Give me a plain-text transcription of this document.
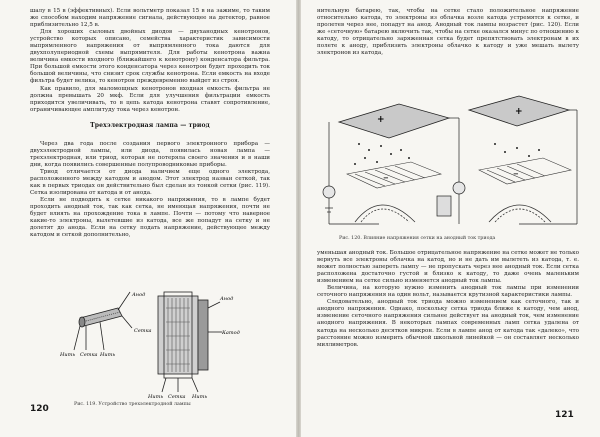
шалу в 15 в (эффективных). Если вольтметр показал 15 в на зажиме, то таким же способом находим напряжение сигнала, действующее на детектор, равное приблизительно 12,5 в.

Для хороших сыловых двойных диодов — двуханодных кенотронов, устройство которых описано, семейства характеристик зависимости выпрямленного напряжения от выпрямленного тока даются для двухполупериодной схемы выпрямителя. Для работы кенотрона важна величина емкости входного (ближайшего к кенотрону) конденсатора фильтра. При большой емкости этого конденсатора через кенотрон будет проходить ток большой величины, что снизит срок службы кенотрона. Если емкость на входе фильтра будет велика, то кенотрон преждевременно выйдет из строя.

Как правило, для маломощных кенотронов входная емкость фильтра не должна превышать 20 мкф. Если для улучшения фильтрации емкость приходится увеличивать, то в цепь катода кенотрона ставят сопротивление, ограничивающее амплитуду тока через кенотрон.

Трехэлектродная лампа — триод

Через два года после создания первого электронного прибора — двухэлектродной лампы, или диода, появилась новая лампа — трехэлектродная, или триод, которая не потеряла своего значения и в наши дни, когда появились совершенные полупроводниковые приборы.

Триод отличается от диода наличием еще одного электрода, расположенного между катодом и анодом. Этот электрод назван сеткой, так как в первых триодах он действительно был сделан из тонкой сетки (рис. 119). Сетка изолирована от катода и от анода.

Если не подводить к сетке никакого напряжения, то в лампе будет проходить анодный ток, так как сетка, не имеющая напряжения, почти не будет влиять на прохождение тока в лампе. Почти — потому что наверное какие-то электроны, вылетевшие из катода, все же попадут на сетку и не долетят до анода. Если на сетку подать напряжение, действующее между катодом и сеткой дополнительно,

Анод
Сетка
Нить Сетка Нить
Анод
Катод
Сетка
Нить	Нить
Рис. 119. Устройство трехэлектродной лампы
120

нительную батарею, так, чтобы на сетке стало положительное напряжение относительно катода, то электроны из облачка возле катода устремятся к сетке, и пролетев через нее, попадут на анод. Анодный ток лампы возрастет (рис. 120). Если же «сеточную» батарею включить так, чтобы на сетке оказался минус по отношению к катоду, то отрицательно заряженная сетка будет препятствовать электронам в их полете к аноду, приблизить электроны облачко к катоду и уже мешать вылету электронов из катода,

+
+
−	−
Рис. 120. Влияние напряжения сетки на анодный ток триода

уменьшая анодный ток. Большое отрицательное напряжение на сетке может не только вернуть все электроны облачка на катод, но и не дать им вылететь из катода, т. е. может полностью запереть лампу — не пропускать через нее анодный ток. Если сетка расположена достаточно густой и близко к катоду, то даже очень маленьким изменением на сетке сильно изменяется анодный ток лампы.

Величина, на которую нужно изменить анодный ток лампы при изменении сеточного напряжения на один вольт, называется крутизной характеристики лампы.

Следовательно, анодный ток триода можно изменением как сеточного, так и анодного напряжения. Однако, поскольку сетка триода ближе к катоду, чем анод, изменение сеточного напряжения сильнее действует на анодный ток, чем изменение анодного напряжения. В некоторых лампах современных ламп сетка удалена от катода на несколько десятков микрон. Если в лампе анод от катода так «далеко», что расстояние можно измерить обычной школьной линейкой — он составляет несколько миллиметров.

121
